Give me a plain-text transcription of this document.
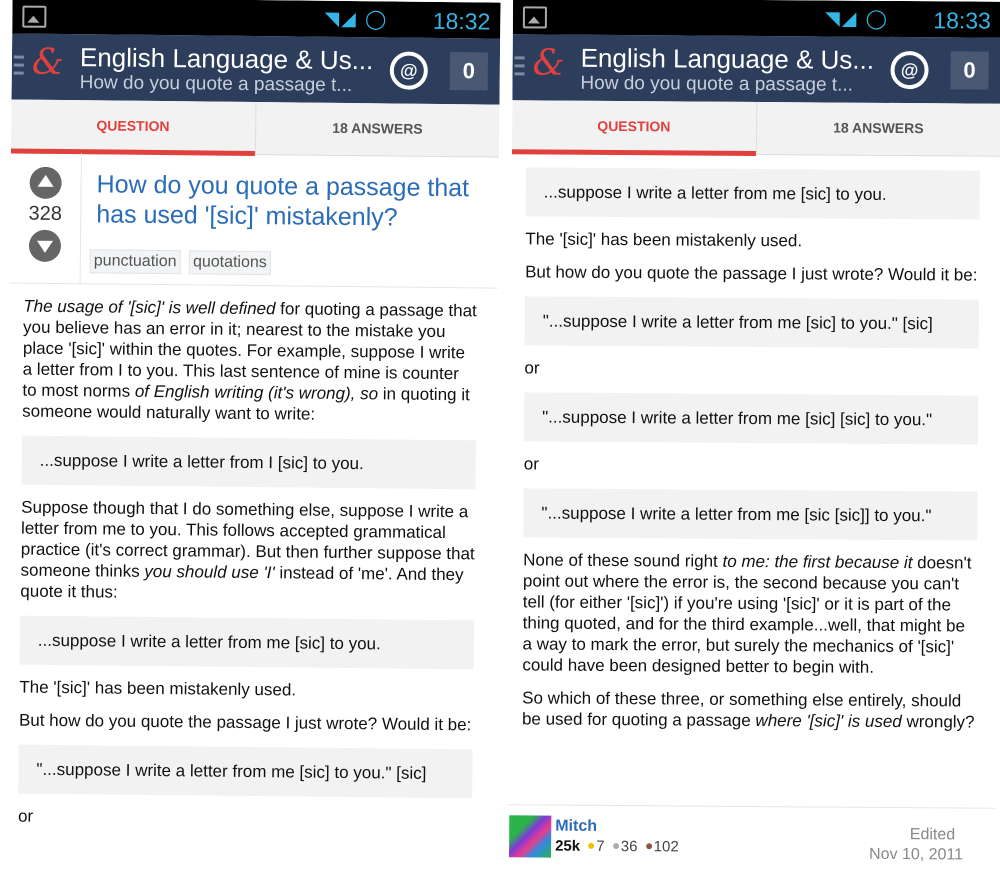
◥◢ ◯ 18:32
& English Language & Us...
How do you quote a passage t...
@	0
QUESTION	18 ANSWERS
328
How do you quote a passage that has used '[sic]' mistakenly?
punctuation quotations

The usage of '[sic]' is well defined for quoting a passage that you believe has an error in it; nearest to the mistake you place '[sic]' within the quotes. For example, suppose I write a letter from I to you. This last sentence of mine is counter to most norms of English writing (it's wrong), so in quoting it someone would naturally want to write:

...suppose I write a letter from I [sic] to you.

Suppose though that I do something else, suppose I write a letter from me to you. This follows accepted grammatical practice (it's correct grammar). But then further suppose that someone thinks you should use 'I' instead of 'me'. And they quote it thus:

...suppose I write a letter from me [sic] to you.

The '[sic]' has been mistakenly used.

But how do you quote the passage I just wrote? Would it be:

"...suppose I write a letter from me [sic] to you." [sic]

or

◥◢ ◯ 18:33
& English Language & Us...
How do you quote a passage t...
@	0
QUESTION	18 ANSWERS
...suppose I write a letter from me [sic] to you.

The '[sic]' has been mistakenly used.

But how do you quote the passage I just wrote? Would it be:

"...suppose I write a letter from me [sic] to you." [sic]

or

"...suppose I write a letter from me [sic] [sic] to you."

or

"...suppose I write a letter from me [sic [sic]] to you."

None of these sound right to me: the first because it doesn't point out where the error is, the second because you can't tell (for either '[sic]') if you're using '[sic]' or it is part of the thing quoted, and for the third example...well, that might be a way to mark the error, but surely the mechanics of '[sic]' could have been designed better to begin with.

So which of these three, or something else entirely, should be used for quoting a passage where '[sic]' is used wrongly?

Mitch
25k 7 36 102
Edited
Nov 10, 2011
